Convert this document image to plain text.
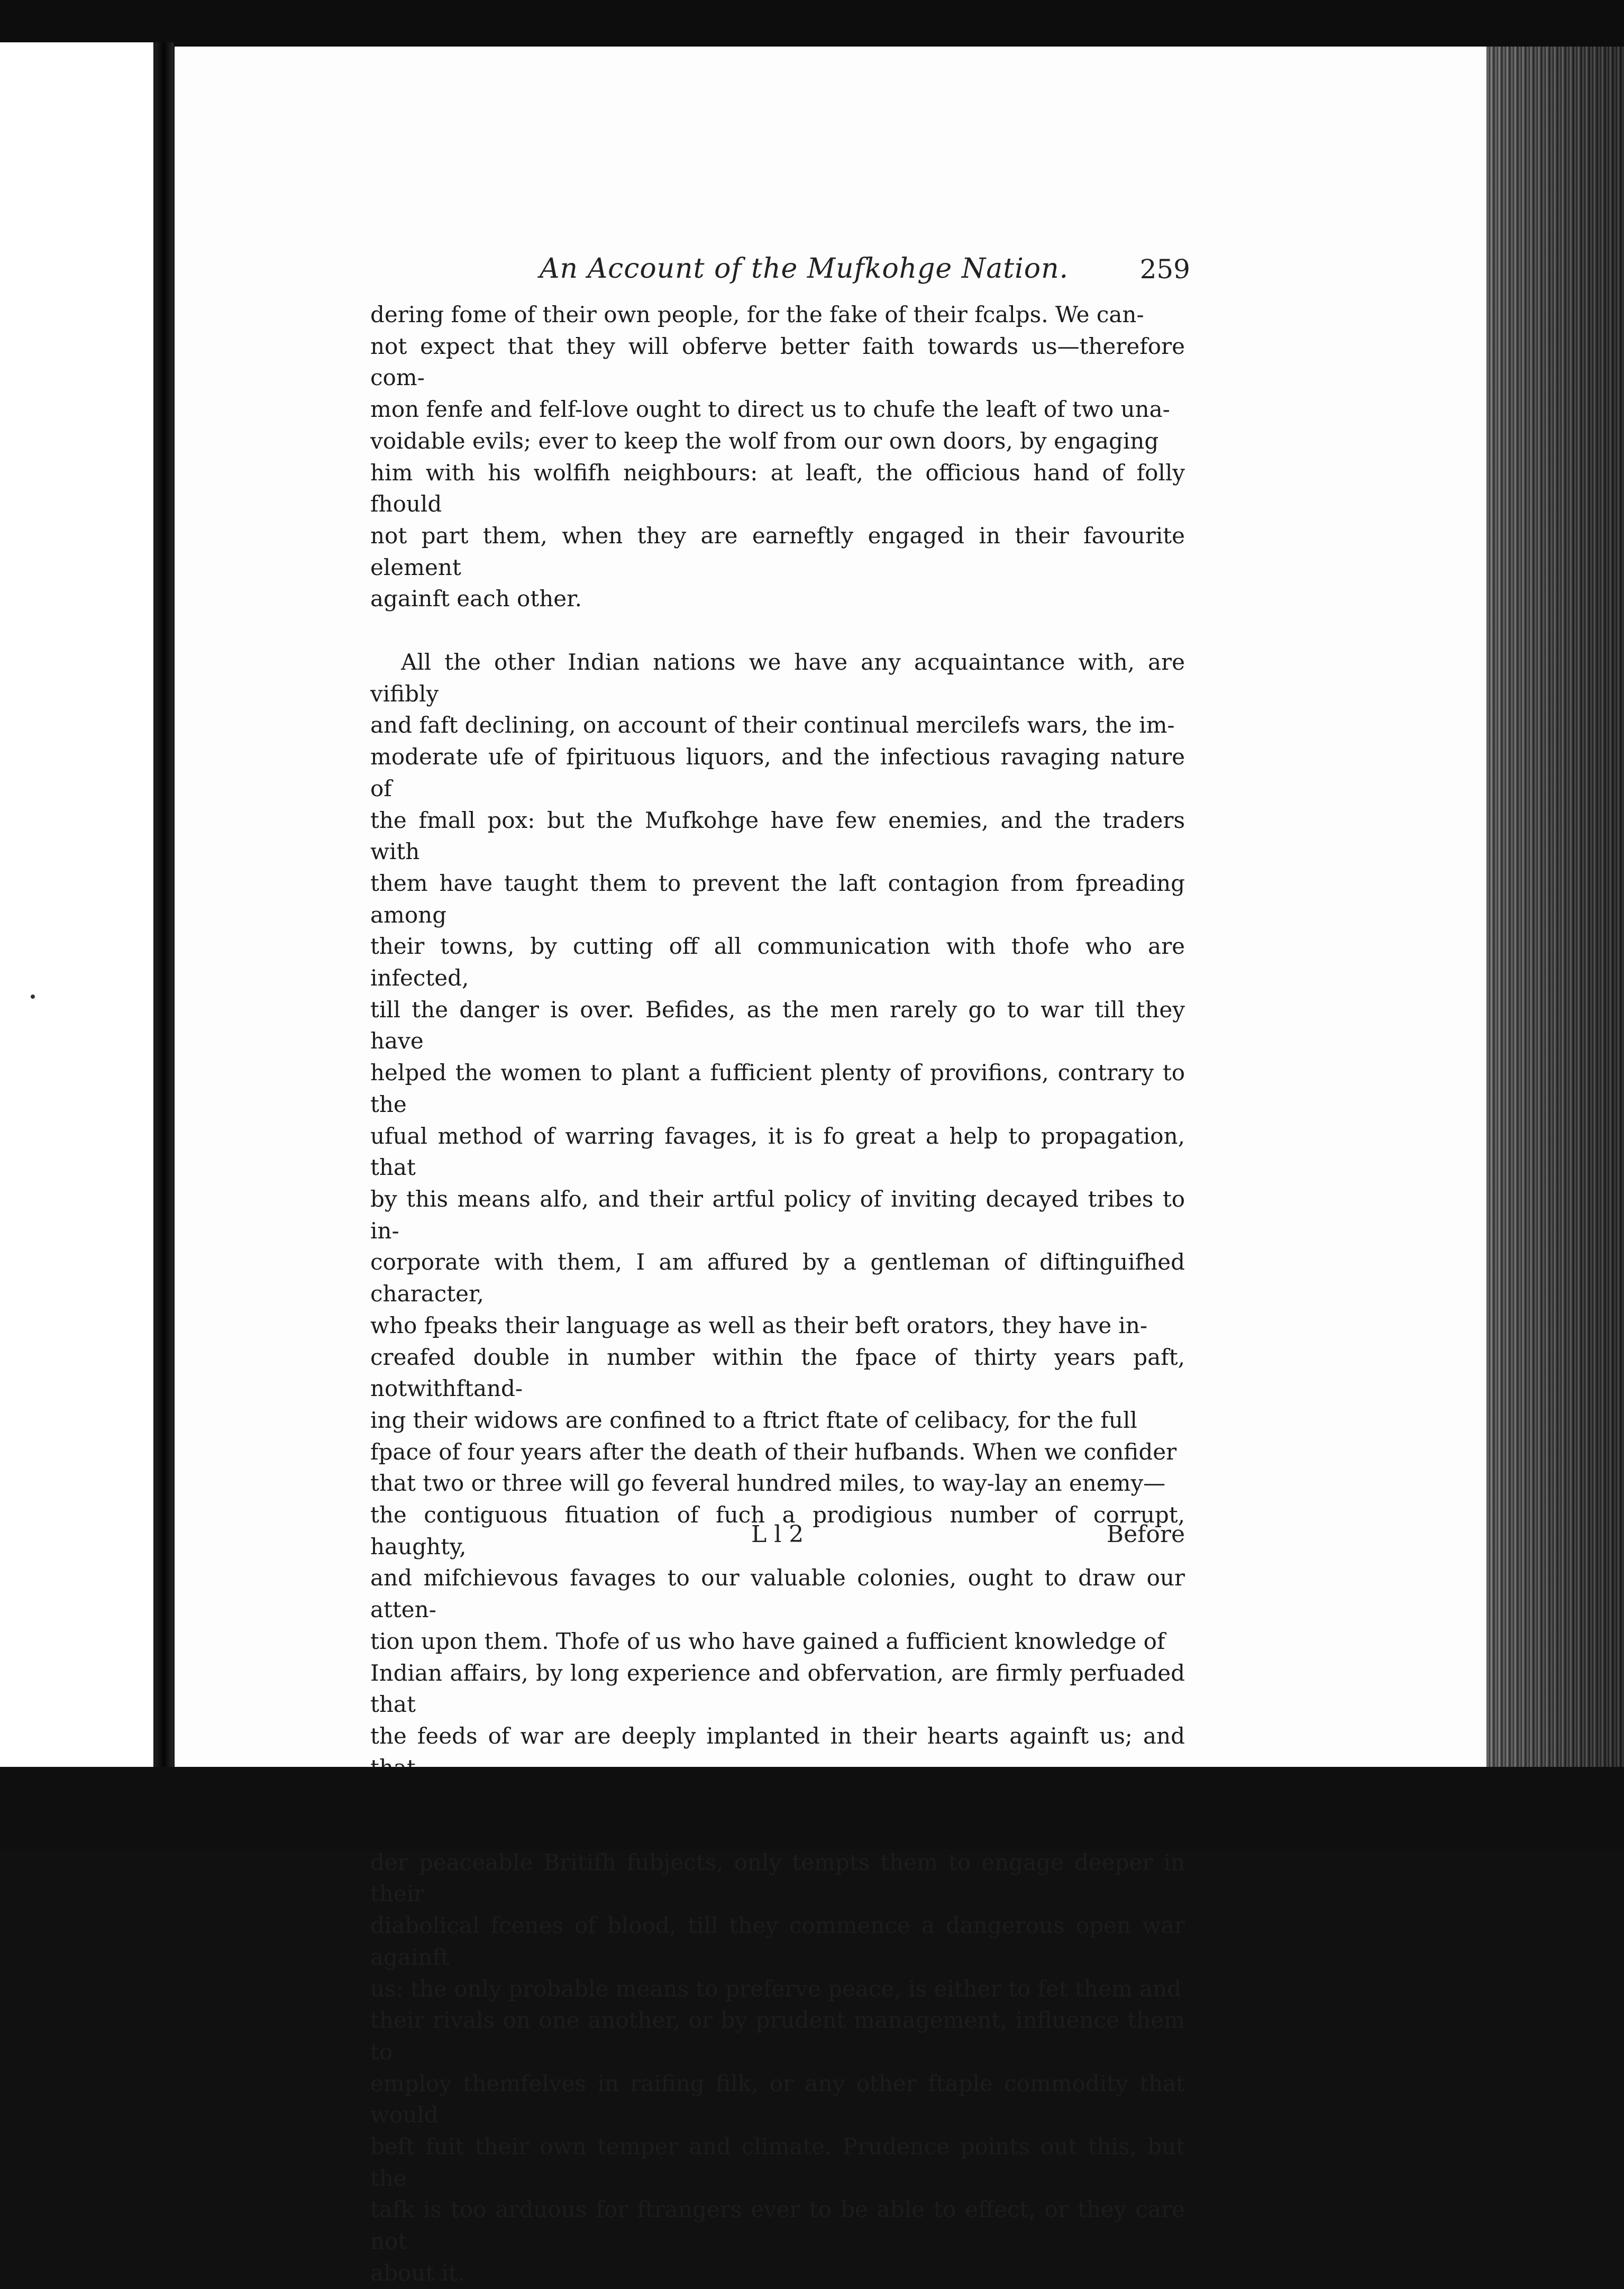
An Account of the Mufkohge Nation.	259

dering fome of their own people, for the fake of their fcalps. We can-
not expect that they will obferve better faith towards us—therefore com-
mon fenfe and felf-love ought to direct us to chufe the leaft of two una-
voidable evils; ever to keep the wolf from our own doors, by engaging
him with his wolfifh neighbours: at leaft, the officious hand of folly fhould
not part them, when they are earneftly engaged in their favourite element
againft each other.

All the other Indian nations we have any acquaintance with, are vifibly
and faft declining, on account of their continual mercilefs wars, the im-
moderate ufe of fpirituous liquors, and the infectious ravaging nature of
the fmall pox: but the Mufkohge have few enemies, and the traders with
them have taught them to prevent the laft contagion from fpreading among
their towns, by cutting off all communication with thofe who are infected,
till the danger is over. Befides, as the men rarely go to war till they have
helped the women to plant a fufficient plenty of provifions, contrary to the
ufual method of warring favages, it is fo great a help to propagation, that
by this means alfo, and their artful policy of inviting decayed tribes to in-
corporate with them, I am affured by a gentleman of diftinguifhed character,
who fpeaks their language as well as their beft orators, they have in-
creafed double in number within the fpace of thirty years paft, notwithftand-
ing their widows are confined to a ftrict ftate of celibacy, for the full
fpace of four years after the death of their hufbands. When we confider
that two or three will go feveral hundred miles, to way-lay an enemy—
the contiguous fituation of fuch a prodigious number of corrupt, haughty,
and mifchievous favages to our valuable colonies, ought to draw our atten-
tion upon them. Thofe of us who have gained a fufficient knowledge of
Indian affairs, by long experience and obfervation, are firmly perfuaded that
the feeds of war are deeply implanted in their hearts againft us; and

der peaceable Britifh fubjects, only tempts them to engage deeper in their
diabolical fcenes of blood, till they commence a dangerous open war againft
us: the only probable means to preferve peace, is either to fet them and
their rivals on one another, or by prudent management, influence them to
employ themfelves in raifing filk, or any other ftaple commodity that would
beft fuit their own temper and climate. Prudence points out this, but the
tafk is too arduous for ftrangers ever to be able to effect, or they care not
about it.

L l 2	Before
